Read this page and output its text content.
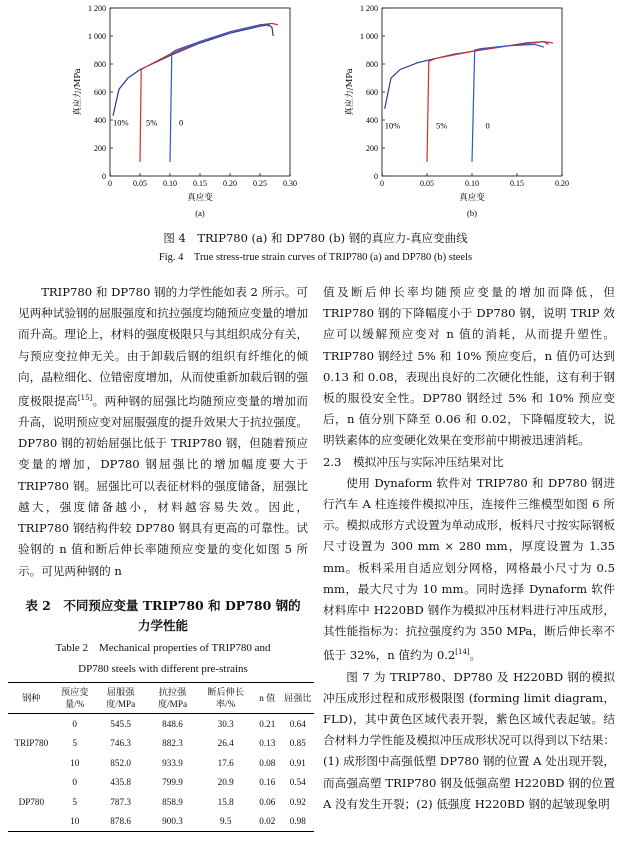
0	0.05 0.10 0.15 0.20 0.25 0.30
0
200
400
600
800
1 000
1 200
真应变
真应力/MPa
(a)
10% 5%	0
0	0.05	0.10	0.15	0.20
0
200
400
600
800
1 000
1 200
真应变
真应力/MPa
(b)
10%	5%	0
图 4　TRIP780 (a) 和 DP780 (b) 钢的真应力-真应变曲线
Fig. 4　True stress-true strain curves of TRIP780 (a) and DP780 (b) steels

TRIP780 和 DP780 钢的力学性能如表 2 所示。可见两种试验钢的屈服强度和抗拉强度均随预应变量的增加而升高。理论上，材料的强度极限只与其组织成分有关，与预应变拉伸无关。由于卸载后钢的组织有纤维化的倾向，晶粒细化、位错密度增加，从而使重新加载后钢的强度极限提高[15]。两种钢的屈强比均随预应变量的增加而升高，说明预应变对屈服强度的提升效果大于抗拉强度。DP780 钢的初始屈强比低于 TRIP780 钢，但随着预应变量的增加，DP780 钢屈强比的增加幅度要大于 TRIP780 钢。屈强比可以表征材料的强度储备，屈强比越大，强度储备越小，材料越容易失效。因此，TRIP780 钢结构件较 DP780 钢具有更高的可靠性。试验钢的 n 值和断后伸长率随预应变量的变化如图 5 所示。可见两种钢的 n

表 2　不同预应变量 TRIP780 和 DP780 钢的
力学性能
Table 2　Mechanical properties of TRIP780 and
DP780 steels with different pre-strains
钢种	预应变量/%	屈服强度/MPa	抗拉强度/MPa	断后伸长率/%	n 值	屈强比
TRIP780	0	545.5	848.6	30.3	0.21	0.64
	5	746.3	882.3	26.4	0.13	0.85
	10	852.0	933.9	17.6	0.08	0.91
DP780	0	435.8	799.9	20.9	0.16	0.54
	5	787.3	858.9	15.8	0.06	0.92
	10	878.6	900.3	9.5	0.02	0.98

值及断后伸长率均随预应变量的增加而降低，但 TRIP780 钢的下降幅度小于 DP780 钢，说明 TRIP 效应可以缓解预应变对 n 值的消耗，从而提升塑性。TRIP780 钢经过 5% 和 10% 预应变后，n 值仍可达到 0.13 和 0.08，表现出良好的二次硬化性能，这有利于钢板的服役安全性。DP780 钢经过 5% 和 10% 预应变后，n 值分别下降至 0.06 和 0.02，下降幅度较大，说明铁素体的应变硬化效果在变形前中期被迅速消耗。

2.3　模拟冲压与实际冲压结果对比

使用 Dynaform 软件对 TRIP780 和 DP780 钢进行汽车 A 柱连接件模拟冲压，连接件三维模型如图 6 所示。模拟成形方式设置为单动成形，板料尺寸按实际钢板尺寸设置为 300 mm × 280 mm，厚度设置为 1.35 mm。板料采用自适应划分网格，网格最小尺寸为 0.5 mm，最大尺寸为 10 mm。同时选择 Dynaform 软件材料库中 H220BD 钢作为模拟冲压材料进行冲压成形，其性能指标为：抗拉强度约为 350 MPa，断后伸长率不低于 32%，n 值约为 0.2[14]。

图 7 为 TRIP780、DP780 及 H220BD 钢的模拟冲压成形过程和成形极限图 (forming limit diagram，FLD)，其中黄色区域代表开裂，紫色区域代表起皱。结合材料力学性能及模拟冲压成形状况可以得到以下结果：(1) 成形图中高强低塑 DP780 钢的位置 A 处出现开裂，而高强高塑 TRIP780 钢及低强高塑 H220BD 钢的位置 A 没有发生开裂；(2) 低强度 H220BD 钢的起皱现象明
